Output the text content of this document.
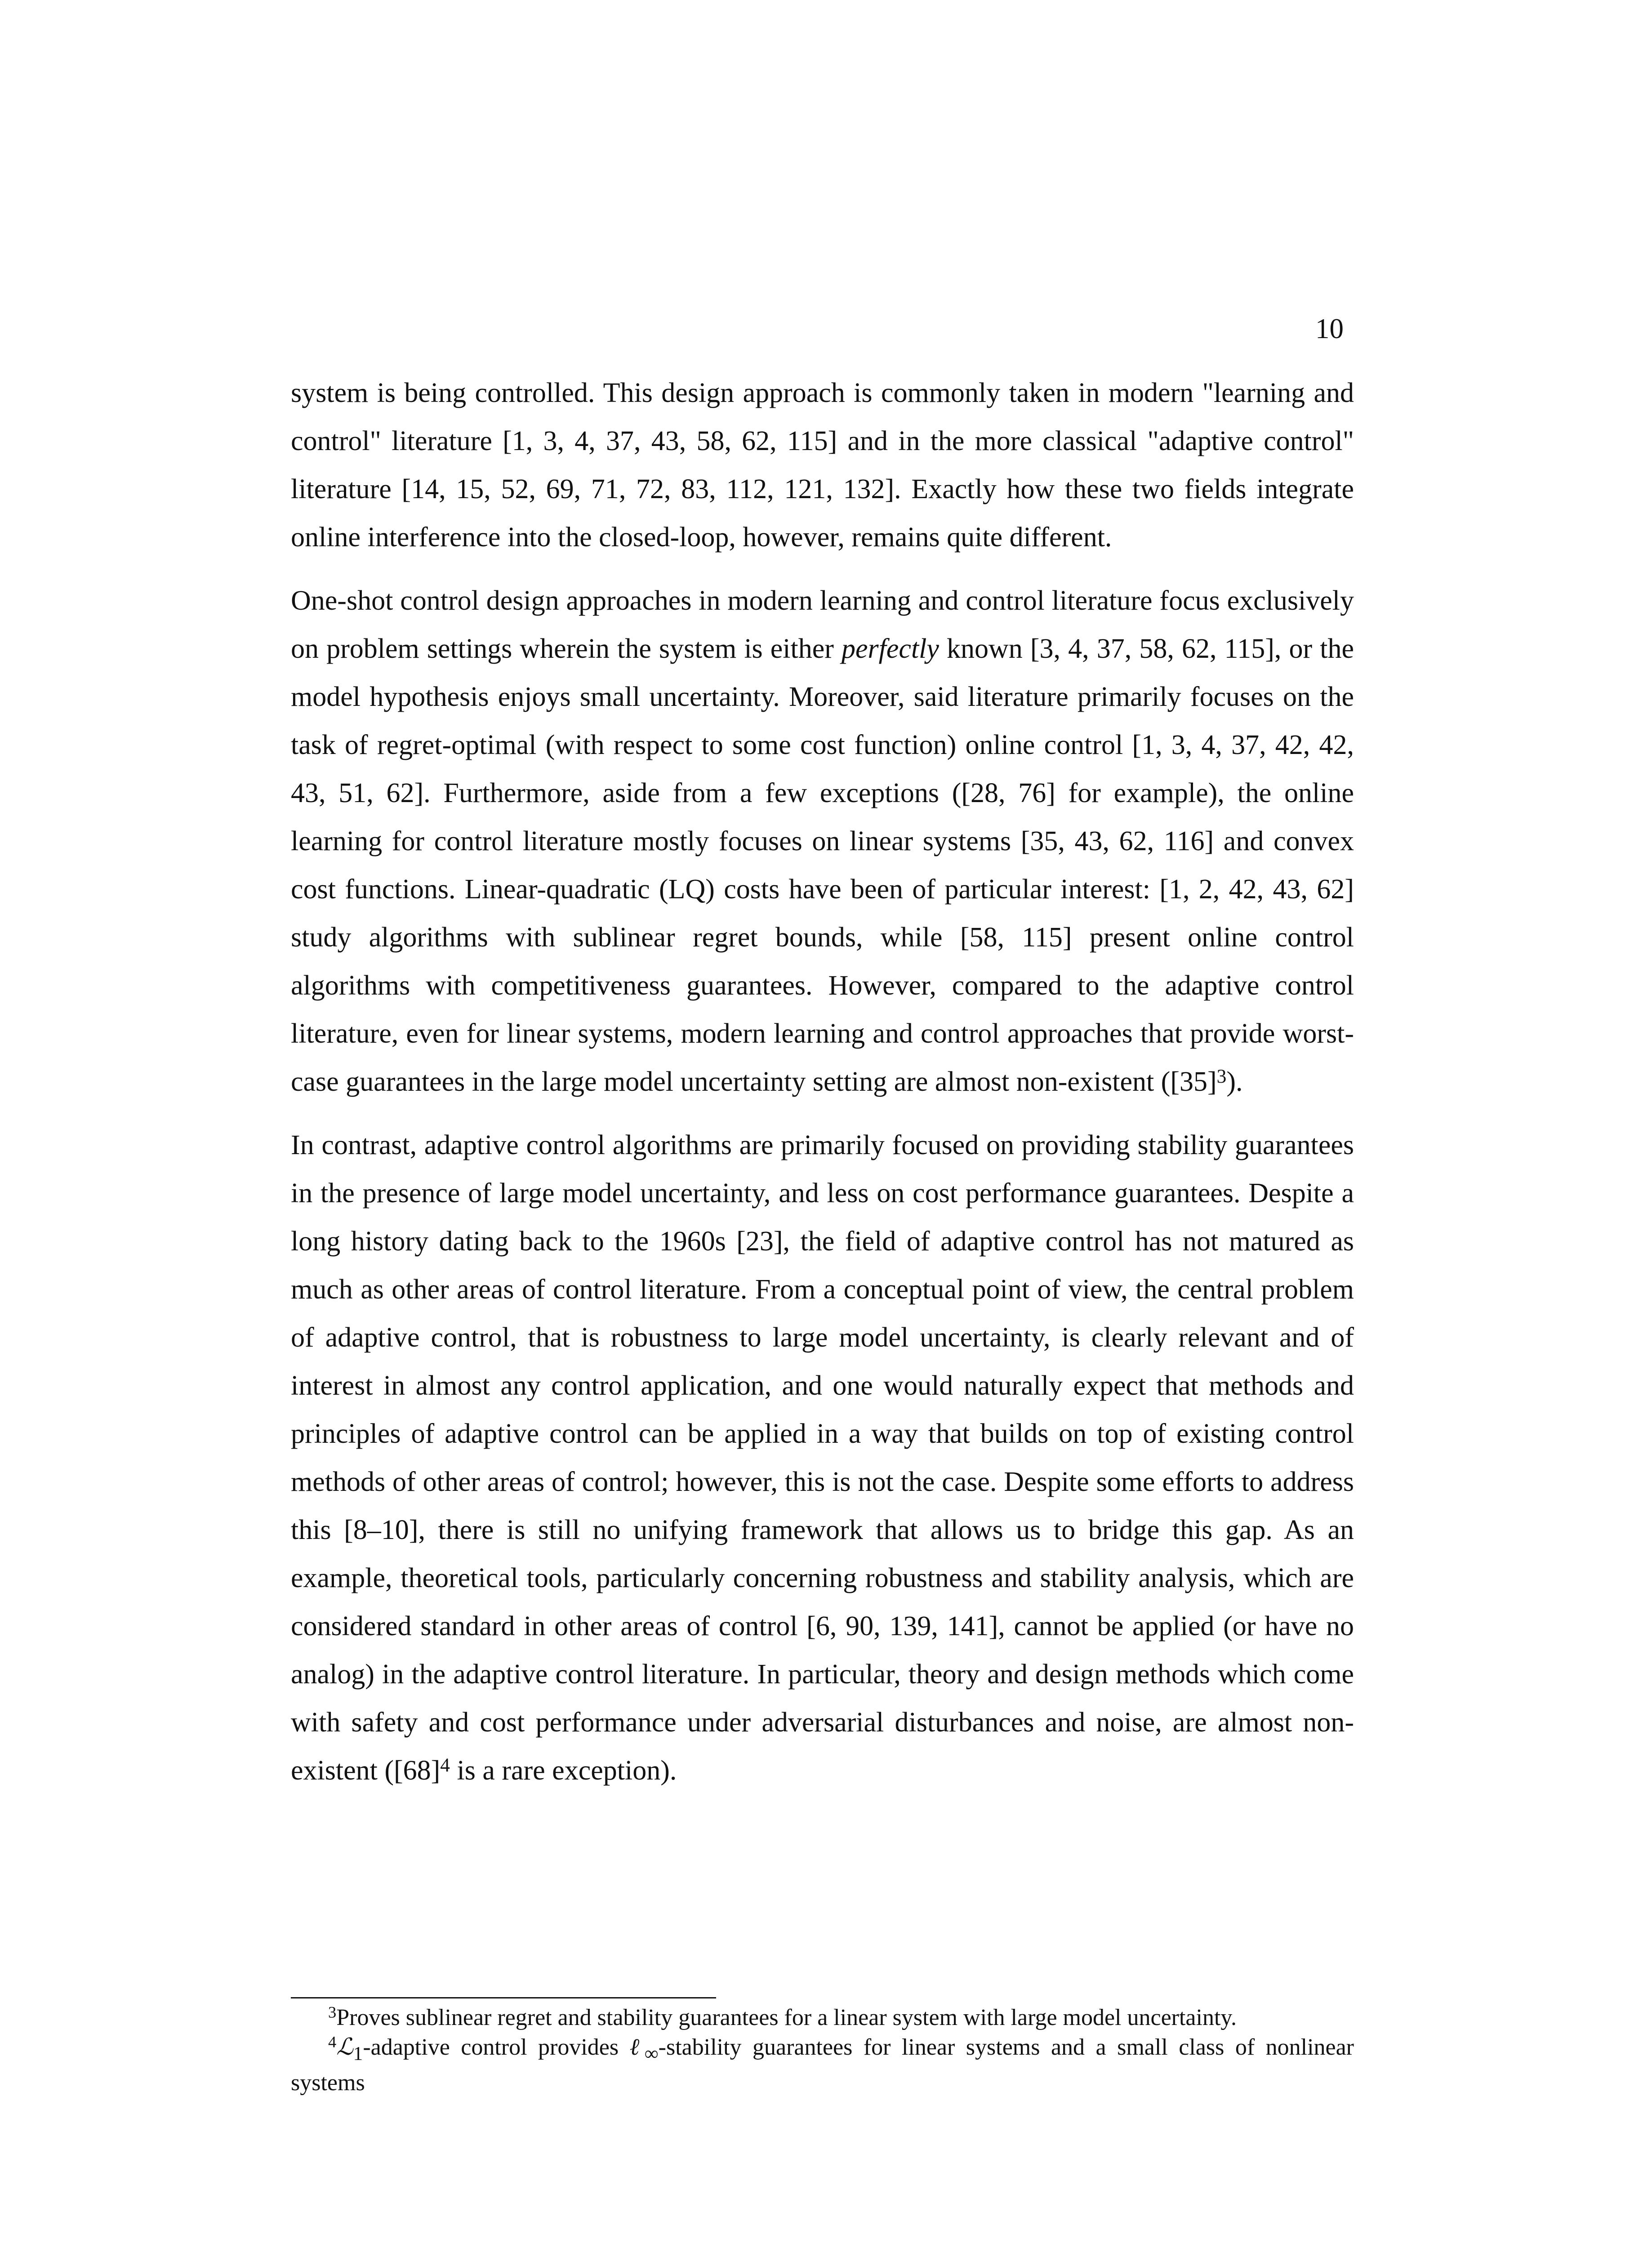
10

system is being controlled. This design approach is commonly taken in modern "learning and control" literature [1, 3, 4, 37, 43, 58, 62, 115] and in the more classical "adaptive control" literature [14, 15, 52, 69, 71, 72, 83, 112, 121, 132]. Exactly how these two fields integrate online interference into the closed-loop, however, remains quite different.

One-shot control design approaches in modern learning and control literature focus exclusively on problem settings wherein the system is either perfectly known [3, 4, 37, 58, 62, 115], or the model hypothesis enjoys small uncertainty. Moreover, said literature primarily focuses on the task of regret-optimal (with respect to some cost function) online control [1, 3, 4, 37, 42, 42, 43, 51, 62]. Furthermore, aside from a few exceptions ([28, 76] for example), the online learning for control literature mostly focuses on linear systems [35, 43, 62, 116] and convex cost functions. Linear-quadratic (LQ) costs have been of particular interest: [1, 2, 42, 43, 62] study algorithms with sublinear regret bounds, while [58, 115] present online control algorithms with competitiveness guarantees. However, compared to the adaptive control literature, even for linear systems, modern learning and control approaches that provide worst-case guarantees in the large model uncertainty setting are almost non-existent ([35]$^3$).

In contrast, adaptive control algorithms are primarily focused on providing stability guarantees in the presence of large model uncertainty, and less on cost performance guarantees. Despite a long history dating back to the 1960s [23], the field of adaptive control has not matured as much as other areas of control literature. From a conceptual point of view, the central problem of adaptive control, that is robustness to large model uncertainty, is clearly relevant and of interest in almost any control application, and one would naturally expect that methods and principles of adaptive control can be applied in a way that builds on top of existing control methods of other areas of control; however, this is not the case. Despite some efforts to address this [8–10], there is still no unifying framework that allows us to bridge this gap. As an example, theoretical tools, particularly concerning robustness and stability analysis, which are considered standard in other areas of control [6, 90, 139, 141], cannot be applied (or have no analog) in the adaptive control literature. In particular, theory and design methods which come with safety and cost performance under adversarial disturbances and noise, are almost non-existent ([68]$^4$ is a rare exception).

$^3$Proves sublinear regret and stability guarantees for a linear system with large model uncertainty.

$^4$ℒ$_1$-adaptive control provides ℓ$_\infty$-stability guarantees for linear systems and a small class of nonlinear systems
